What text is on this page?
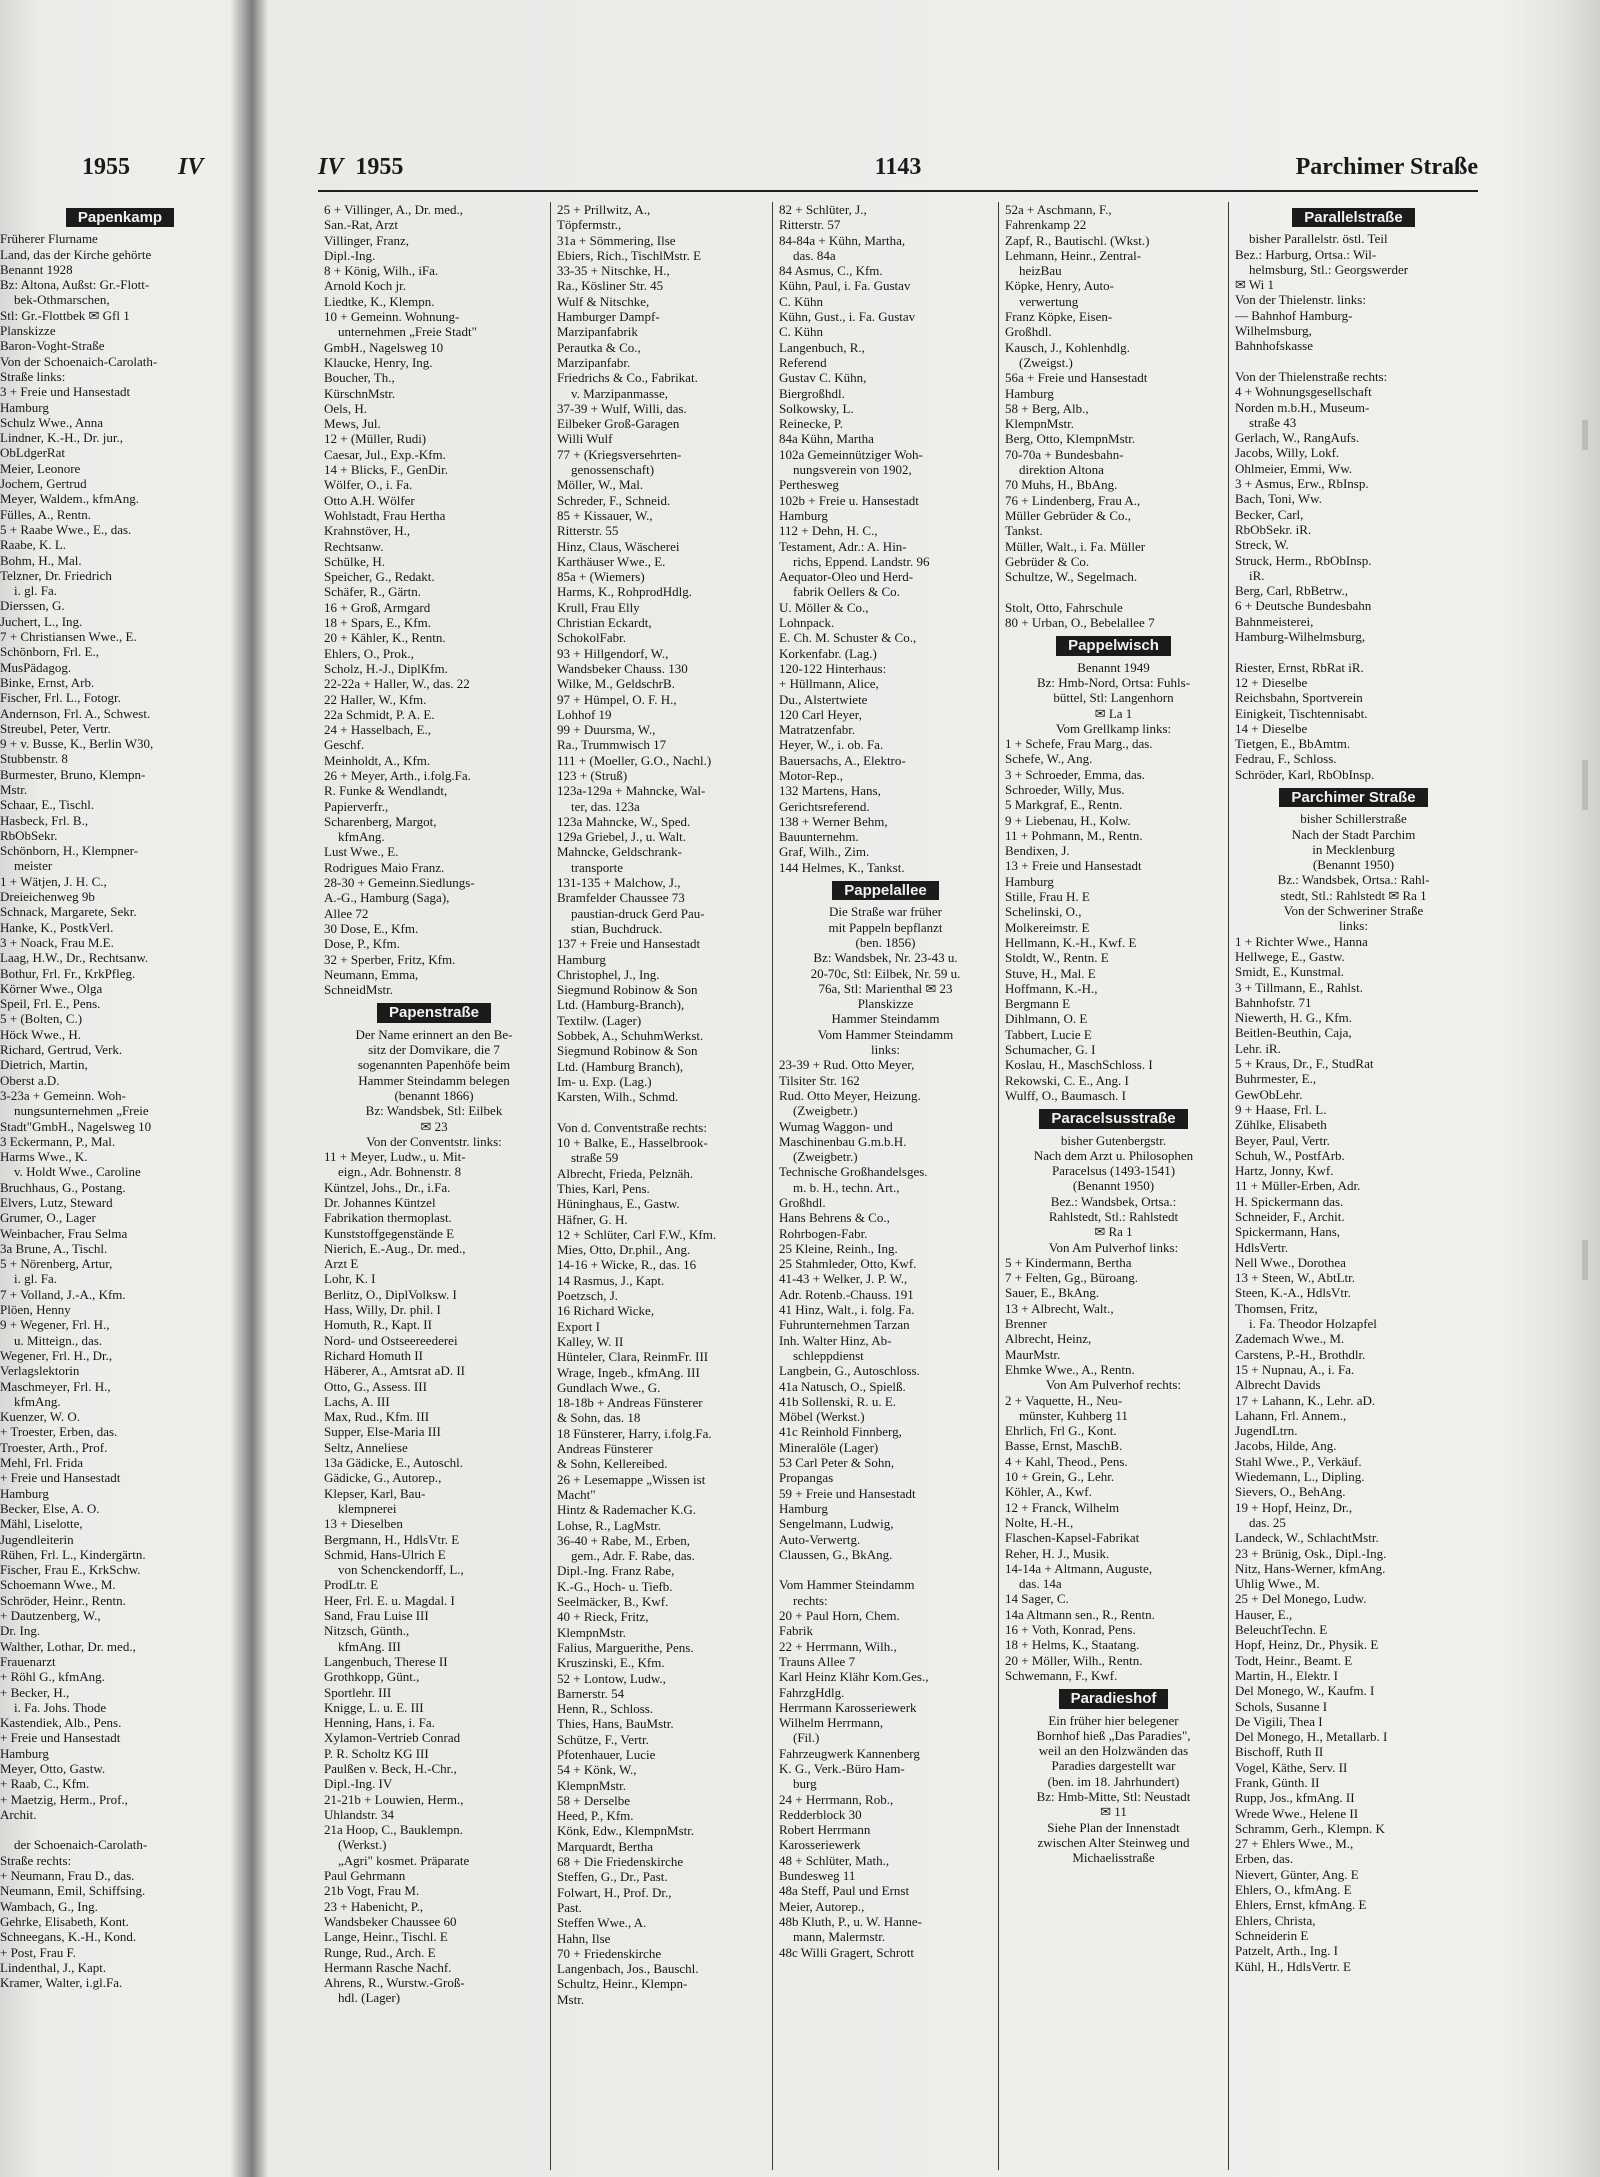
1955 IV
Papenkamp
Früherer Flurname
Land, das der Kirche gehörte
Benannt 1928
Bz: Altona, Außst: Gr.-Flott-
bek-Othmarschen,
Stl: Gr.-Flottbek ✉ Gfl 1
Planskizze
Baron-Voght-Straße
Von der Schoenaich-Carolath-
Straße links:
3 + Freie und Hansestadt
Hamburg
Schulz Wwe., Anna
Lindner, K.-H., Dr. jur.,
ObLdgerRat
Meier, Leonore
Jochem, Gertrud
Meyer, Waldem., kfmAng.
Fülles, A., Rentn.
5 + Raabe Wwe., E., das.
Raabe, K. L.
Bohm, H., Mal.
Telzner, Dr. Friedrich
i. gl. Fa.
Dierssen, G.
Juchert, L., Ing.
7 + Christiansen Wwe., E.
Schönborn, Frl. E.,
MusPädagog.
Binke, Ernst, Arb.
Fischer, Frl. L., Fotogr.
Andernson, Frl. A., Schwest.
Streubel, Peter, Vertr.
9 + v. Busse, K., Berlin W30,
Stubbenstr. 8
Burmester, Bruno, Klempn-
Mstr.
Schaar, E., Tischl.
Hasbeck, Frl. B.,
RbObSekr.
Schönborn, H., Klempner-
meister
1 + Wätjen, J. H. C.,
Dreieichenweg 9b
Schnack, Margarete, Sekr.
Hanke, K., PostkVerl.
3 + Noack, Frau M.E.
Laag, H.W., Dr., Rechtsanw.
Bothur, Frl. Fr., KrkPfleg.
Körner Wwe., Olga
Speil, Frl. E., Pens.
5 + (Bolten, C.)
Höck Wwe., H.
Richard, Gertrud, Verk.
Dietrich, Martin,
Oberst a.D.
3-23a + Gemeinn. Woh-
nungsunternehmen „Freie
Stadt"GmbH., Nagelsweg 10
3 Eckermann, P., Mal.
Harms Wwe., K.
v. Holdt Wwe., Caroline
Bruchhaus, G., Postang.
Elvers, Lutz, Steward
Grumer, O., Lager
Weinbacher, Frau Selma
3a Brune, A., Tischl.
5 + Nörenberg, Artur,
i. gl. Fa.
7 + Volland, J.-A., Kfm.
Plöen, Henny
9 + Wegener, Frl. H.,
u. Mitteign., das.
Wegener, Frl. H., Dr.,
Verlagslektorin
Maschmeyer, Frl. H.,
kfmAng.
Kuenzer, W. O.
+ Troester, Erben, das.
Troester, Arth., Prof.
Mehl, Frl. Frida
+ Freie und Hansestadt
Hamburg
Becker, Else, A. O.
Mähl, Liselotte,
Jugendleiterin
Rühen, Frl. L., Kindergärtn.
Fischer, Frau E., KrkSchw.
Schoemann Wwe., M.
Schröder, Heinr., Rentn.
+ Dautzenberg, W.,
Dr. Ing.
Walther, Lothar, Dr. med.,
Frauenarzt
+ Röhl G., kfmAng.
+ Becker, H.,
i. Fa. Johs. Thode
Kastendiek, Alb., Pens.
+ Freie und Hansestadt
Hamburg
Meyer, Otto, Gastw.
+ Raab, C., Kfm.
+ Maetzig, Herm., Prof.,
Archit.

der Schoenaich-Carolath-
Straße rechts:
+ Neumann, Frau D., das.
Neumann, Emil, Schiffsing.
Wambach, G., Ing.
Gehrke, Elisabeth, Kont.
Schneegans, K.-H., Kond.
+ Post, Frau F.
Lindenthal, J., Kapt.
Kramer, Walter, i.gl.Fa.
IV 1955	1143	Parchimer Straße
6 + Villinger, A., Dr. med.,
San.-Rat, Arzt
Villinger, Franz,
Dipl.-Ing.
8 + König, Wilh., iFa.
Arnold Koch jr.
Liedtke, K., Klempn.
10 + Gemeinn. Wohnung-
unternehmen „Freie Stadt"
GmbH., Nagelsweg 10
Klaucke, Henry, Ing.
Boucher, Th.,
KürschnMstr.
Oels, H.
Mews, Jul.
12 + (Müller, Rudi)
Caesar, Jul., Exp.-Kfm.
14 + Blicks, F., GenDir.
Wölfer, O., i. Fa.
Otto A.H. Wölfer
Wohlstadt, Frau Hertha
Krahnstöver, H.,
Rechtsanw.
Schülke, H.
Speicher, G., Redakt.
Schäfer, R., Gärtn.
16 + Groß, Armgard
18 + Spars, E., Kfm.
20 + Kähler, K., Rentn.
Ehlers, O., Prok.,
Scholz, H.-J., DiplKfm.
22-22a + Haller, W., das. 22
22 Haller, W., Kfm.
22a Schmidt, P. A. E.
24 + Hasselbach, E.,
Geschf.
Meinholdt, A., Kfm.
26 + Meyer, Arth., i.folg.Fa.
R. Funke & Wendlandt,
Papierverfr.,
Scharenberg, Margot,
kfmAng.
Lust Wwe., E.
Rodrigues Maio Franz.
28-30 + Gemeinn.Siedlungs-
A.-G., Hamburg (Saga),
Allee 72
30 Dose, E., Kfm.
Dose, P., Kfm.
32 + Sperber, Fritz, Kfm.
Neumann, Emma,
SchneidMstr.
Papenstraße
Der Name erinnert an den Be-
sitz der Domvikare, die 7
sogenannten Papenhöfe beim
Hammer Steindamm belegen
(benannt 1866)
Bz: Wandsbek, Stl: Eilbek
✉ 23
Von der Conventstr. links:
11 + Meyer, Ludw., u. Mit-
eign., Adr. Bohnenstr. 8
Küntzel, Johs., Dr., i.Fa.
Dr. Johannes Küntzel
Fabrikation thermoplast.
Kunststoffgegenstände E
Nierich, E.-Aug., Dr. med.,
Arzt E
Lohr, K. I
Berlitz, O., DiplVolksw. I
Hass, Willy, Dr. phil. I
Homuth, R., Kapt. II
Nord- und Ostseereederei
Richard Homuth II
Häberer, A., Amtsrat aD. II
Otto, G., Assess. III
Lachs, A. III
Max, Rud., Kfm. III
Supper, Else-Maria III
Seltz, Anneliese
13a Gädicke, E., Autoschl.
Gädicke, G., Autorep.,
Klepser, Karl, Bau-
klempnerei
13 + Dieselben
Bergmann, H., HdlsVtr. E
Schmid, Hans-Ulrich E
von Schenckendorff, L.,
ProdLtr. E
Heer, Frl. E. u. Magdal. I
Sand, Frau Luise III
Nitzsch, Günth.,
kfmAng. III
Langenbuch, Therese II
Grothkopp, Günt.,
Sportlehr. III
Knigge, L. u. E. III
Henning, Hans, i. Fa.
Xylamon-Vertrieb Conrad
P. R. Scholtz KG III
Paulßen v. Beck, H.-Chr.,
Dipl.-Ing. IV
21-21b + Louwien, Herm.,
Uhlandstr. 34
21a Hoop, C., Bauklempn.
(Werkst.)
„Agri" kosmet. Präparate
Paul Gehrmann
21b Vogt, Frau M.
23 + Habenicht, P.,
Wandsbeker Chaussee 60
Lange, Heinr., Tischl. E
Runge, Rud., Arch. E
Hermann Rasche Nachf.
Ahrens, R., Wurstw.-Groß-
hdl. (Lager)
25 + Prillwitz, A.,
Töpfermstr.,
31a + Sömmering, Ilse
Ebiers, Rich., TischlMstr. E
33-35 + Nitschke, H.,
Ra., Kösliner Str. 45
Wulf & Nitschke,
Hamburger Dampf-
Marzipanfabrik
Perautka & Co.,
Marzipanfabr.
Friedrichs & Co., Fabrikat.
v. Marzipanmasse,
37-39 + Wulf, Willi, das.
Eilbeker Groß-Garagen
Willi Wulf
77 + (Kriegsversehrten-
genossenschaft)
Möller, W., Mal.
Schreder, F., Schneid.
85 + Kissauer, W.,
Ritterstr. 55
Hinz, Claus, Wäscherei
Karthäuser Wwe., E.
85a + (Wiemers)
Harms, K., RohprodHdlg.
Krull, Frau Elly
Christian Eckardt,
SchokolFabr.
93 + Hillgendorf, W.,
Wandsbeker Chauss. 130
Wilke, M., GeldschrB.
97 + Hümpel, O. F. H.,
Lohhof 19
99 + Duursma, W.,
Ra., Trummwisch 17
111 + (Moeller, G.O., Nachl.)
123 + (Struß)
123a-129a + Mahncke, Wal-
ter, das. 123a
123a Mahncke, W., Sped.
129a Griebel, J., u. Walt.
Mahncke, Geldschrank-
transporte
131-135 + Malchow, J.,
Bramfelder Chaussee 73
paustian-druck Gerd Pau-
stian, Buchdruck.
137 + Freie und Hansestadt
Hamburg
Christophel, J., Ing.
Siegmund Robinow & Son
Ltd. (Hamburg-Branch),
Textilw. (Lager)
Sobbek, A., SchuhmWerkst.
Siegmund Robinow & Son
Ltd. (Hamburg Branch),
Im- u. Exp. (Lag.)
Karsten, Wilh., Schmd.

Von d. Conventstraße rechts:
10 + Balke, E., Hasselbrook-
straße 59
Albrecht, Frieda, Pelznäh.
Thies, Karl, Pens.
Hüninghaus, E., Gastw.
Häfner, G. H.
12 + Schlüter, Carl F.W., Kfm.
Mies, Otto, Dr.phil., Ang.
14-16 + Wicke, R., das. 16
14 Rasmus, J., Kapt.
Poetzsch, J.
16 Richard Wicke,
Export I
Kalley, W. II
Hünteler, Clara, ReinmFr. III
Wrage, Ingeb., kfmAng. III
Gundlach Wwe., G.
18-18b + Andreas Fünsterer
& Sohn, das. 18
18 Fünsterer, Harry, i.folg.Fa.
Andreas Fünsterer
& Sohn, Kellereibed.
26 + Lesemappe „Wissen ist
Macht"
Hintz & Rademacher K.G.
Lohse, R., LagMstr.
36-40 + Rabe, M., Erben,
gem., Adr. F. Rabe, das.
Dipl.-Ing. Franz Rabe,
K.-G., Hoch- u. Tiefb.
Seelmäcker, B., Kwf.
40 + Rieck, Fritz,
KlempnMstr.
Falius, Marguerithe, Pens.
Kruszinski, E., Kfm.
52 + Lontow, Ludw.,
Barnerstr. 54
Henn, R., Schloss.
Thies, Hans, BauMstr.
Schütze, F., Vertr.
Pfotenhauer, Lucie
54 + Könk, W.,
KlempnMstr.
58 + Derselbe
Heed, P., Kfm.
Könk, Edw., KlempnMstr.
Marquardt, Bertha
68 + Die Friedenskirche
Steffen, G., Dr., Past.
Folwart, H., Prof. Dr.,
Past.
Steffen Wwe., A.
Hahn, Ilse
70 + Friedenskirche
Langenbach, Jos., Bauschl.
Schultz, Heinr., Klempn-
Mstr.
82 + Schlüter, J.,
Ritterstr. 57
84-84a + Kühn, Martha,
das. 84a
84 Asmus, C., Kfm.
Kühn, Paul, i. Fa. Gustav
C. Kühn
Kühn, Gust., i. Fa. Gustav
C. Kühn
Langenbuch, R.,
Referend
Gustav C. Kühn,
Biergroßhdl.
Solkowsky, L.
Reinecke, P.
84a Kühn, Martha
102a Gemeinnütziger Woh-
nungsverein von 1902,
Perthesweg
102b + Freie u. Hansestadt
Hamburg
112 + Dehn, H. C.,
Testament, Adr.: A. Hin-
richs, Eppend. Landstr. 96
Aequator-Oleo und Herd-
fabrik Oellers & Co.
U. Möller & Co.,
Lohnpack.
E. Ch. M. Schuster & Co.,
Korkenfabr. (Lag.)
120-122 Hinterhaus:
+ Hüllmann, Alice,
Du., Alstertwiete
120 Carl Heyer,
Matratzenfabr.
Heyer, W., i. ob. Fa.
Bauersachs, A., Elektro-
Motor-Rep.,
132 Martens, Hans,
Gerichtsreferend.
138 + Werner Behm,
Bauunternehm.
Graf, Wilh., Zim.
144 Helmes, K., Tankst.
Pappelallee
Die Straße war früher
mit Pappeln bepflanzt
(ben. 1856)
Bz: Wandsbek, Nr. 23-43 u.
20-70c, Stl: Eilbek, Nr. 59 u.
76a, Stl: Marienthal ✉ 23
Planskizze
Hammer Steindamm
Vom Hammer Steindamm
links:
23-39 + Rud. Otto Meyer,
Tilsiter Str. 162
Rud. Otto Meyer, Heizung.
(Zweigbetr.)
Wumag Waggon- und
Maschinenbau G.m.b.H.
(Zweigbetr.)
Technische Großhandelsges.
m. b. H., techn. Art.,
Großhdl.
Hans Behrens & Co.,
Rohrbogen-Fabr.
25 Kleine, Reinh., Ing.
25 Stahmleder, Otto, Kwf.
41-43 + Welker, J. P. W.,
Adr. Rotenb.-Chauss. 191
41 Hinz, Walt., i. folg. Fa.
Fuhrunternehmen Tarzan
Inh. Walter Hinz, Ab-
schleppdienst
Langbein, G., Autoschloss.
41a Natusch, O., Spielß.
41b Sollenski, R. u. E.
Möbel (Werkst.)
41c Reinhold Finnberg,
Mineralöle (Lager)
53 Carl Peter & Sohn,
Propangas
59 + Freie und Hansestadt
Hamburg
Sengelmann, Ludwig,
Auto-Verwertg.
Claussen, G., BkAng.

Vom Hammer Steindamm
rechts:
20 + Paul Horn, Chem.
Fabrik
22 + Herrmann, Wilh.,
Trauns Allee 7
Karl Heinz Klähr Kom.Ges.,
FahrzgHdlg.
Herrmann Karosseriewerk
Wilhelm Herrmann,
(Fil.)
Fahrzeugwerk Kannenberg
K. G., Verk.-Büro Ham-
burg
24 + Herrmann, Rob.,
Redderblock 30
Robert Herrmann
Karosseriewerk
48 + Schlüter, Math.,
Bundesweg 11
48a Steff, Paul und Ernst
Meier, Autorep.,
48b Kluth, P., u. W. Hanne-
mann, Malermstr.
48c Willi Gragert, Schrott
52a + Aschmann, F.,
Fahrenkamp 22
Zapf, R., Bautischl. (Wkst.)
Lehmann, Heinr., Zentral-
heizBau
Köpke, Henry, Auto-
verwertung
Franz Köpke, Eisen-
Großhdl.
Kausch, J., Kohlenhdlg.
(Zweigst.)
56a + Freie und Hansestadt
Hamburg
58 + Berg, Alb.,
KlempnMstr.
Berg, Otto, KlempnMstr.
70-70a + Bundesbahn-
direktion Altona
70 Muhs, H., BbAng.
76 + Lindenberg, Frau A.,
Müller Gebrüder & Co.,
Tankst.
Müller, Walt., i. Fa. Müller
Gebrüder & Co.
Schultze, W., Segelmach.

Stolt, Otto, Fahrschule
80 + Urban, O., Bebelallee 7
Pappelwisch
Benannt 1949
Bz: Hmb-Nord, Ortsa: Fuhls-
büttel, Stl: Langenhorn
✉ La 1
Vom Grellkamp links:
1 + Schefe, Frau Marg., das.
Schefe, W., Ang.
3 + Schroeder, Emma, das.
Schroeder, Willy, Mus.
5 Markgraf, E., Rentn.
9 + Liebenau, H., Kolw.
11 + Pohmann, M., Rentn.
Bendixen, J.
13 + Freie und Hansestadt
Hamburg
Stille, Frau H. E
Schelinski, O.,
Molkereimstr. E
Hellmann, K.-H., Kwf. E
Stoldt, W., Rentn. E
Stuve, H., Mal. E
Hoffmann, K.-H.,
Bergmann E
Dihlmann, O. E
Tabbert, Lucie E
Schumacher, G. I
Koslau, H., MaschSchloss. I
Rekowski, C. E., Ang. I
Wulff, O., Baumasch. I
Paracelsusstraße
bisher Gutenbergstr.
Nach dem Arzt u. Philosophen
Paracelsus (1493-1541)
(Benannt 1950)
Bez.: Wandsbek, Ortsa.:
Rahlstedt, Stl.: Rahlstedt
✉ Ra 1
Von Am Pulverhof links:
5 + Kindermann, Bertha
7 + Felten, Gg., Büroang.
Sauer, E., BkAng.
13 + Albrecht, Walt.,
Brenner
Albrecht, Heinz,
MaurMstr.
Ehmke Wwe., A., Rentn.
Von Am Pulverhof rechts:
2 + Vaquette, H., Neu-
münster, Kuhberg 11
Ehrlich, Frl G., Kont.
Basse, Ernst, MaschB.
4 + Kahl, Theod., Pens.
10 + Grein, G., Lehr.
Köhler, A., Kwf.
12 + Franck, Wilhelm
Nolte, H.-H.,
Flaschen-Kapsel-Fabrikat
Reher, H. J., Musik.
14-14a + Altmann, Auguste,
das. 14a
14 Sager, C.
14a Altmann sen., R., Rentn.
16 + Voth, Konrad, Pens.
18 + Helms, K., Staatang.
20 + Möller, Wilh., Rentn.
Schwemann, F., Kwf.
Paradieshof
Ein früher hier belegener
Bornhof hieß „Das Paradies",
weil an den Holzwänden das
Paradies dargestellt war
(ben. im 18. Jahrhundert)
Bz: Hmb-Mitte, Stl: Neustadt
✉ 11
Siehe Plan der Innenstadt
zwischen Alter Steinweg und
Michaelisstraße
Parallelstraße
bisher Parallelstr. östl. Teil
Bez.: Harburg, Ortsa.: Wil-
helmsburg, Stl.: Georgswerder
✉ Wi 1
Von der Thielenstr. links:
— Bahnhof Hamburg-
Wilhelmsburg,
Bahnhofskasse

Von der Thielenstraße rechts:
4 + Wohnungsgesellschaft
Norden m.b.H., Museum-
straße 43
Gerlach, W., RangAufs.
Jacobs, Willy, Lokf.
Ohlmeier, Emmi, Ww.
3 + Asmus, Erw., RbInsp.
Bach, Toni, Ww.
Becker, Carl,
RbObSekr. iR.
Streck, W.
Struck, Herm., RbObInsp.
iR.
Berg, Carl, RbBetrw.,
6 + Deutsche Bundesbahn
Bahnmeisterei,
Hamburg-Wilhelmsburg,

Riester, Ernst, RbRat iR.
12 + Dieselbe
Reichsbahn, Sportverein
Einigkeit, Tischtennisabt.
14 + Dieselbe
Tietgen, E., BbAmtm.
Fedrau, F., Schloss.
Schröder, Karl, RbObInsp.
Parchimer Straße
bisher Schillerstraße
Nach der Stadt Parchim
in Mecklenburg
(Benannt 1950)
Bz.: Wandsbek, Ortsa.: Rahl-
stedt, Stl.: Rahlstedt ✉ Ra 1
Von der Schweriner Straße
links:
1 + Richter Wwe., Hanna
Hellwege, E., Gastw.
Smidt, E., Kunstmal.
3 + Tillmann, E., Rahlst.
Bahnhofstr. 71
Niewerth, H. G., Kfm.
Beitlen-Beuthin, Caja,
Lehr. iR.
5 + Kraus, Dr., F., StudRat
Buhrmester, E.,
GewObLehr.
9 + Haase, Frl. L.
Zühlke, Elisabeth
Beyer, Paul, Vertr.
Schuh, W., PostfArb.
Hartz, Jonny, Kwf.
11 + Müller-Erben, Adr.
H. Spickermann das.
Schneider, F., Archit.
Spickermann, Hans,
HdlsVertr.
Nell Wwe., Dorothea
13 + Steen, W., AbtLtr.
Steen, K.-A., HdlsVtr.
Thomsen, Fritz,
i. Fa. Theodor Holzapfel
Zademach Wwe., M.
Carstens, P.-H., Brothdlr.
15 + Nupnau, A., i. Fa.
Albrecht Davids
17 + Lahann, K., Lehr. aD.
Lahann, Frl. Annem.,
JugendLtrn.
Jacobs, Hilde, Ang.
Stahl Wwe., P., Verkäuf.
Wiedemann, L., Dipling.
Sievers, O., BehAng.
19 + Hopf, Heinz, Dr.,
das. 25
Landeck, W., SchlachtMstr.
23 + Brünig, Osk., Dipl.-Ing.
Nitz, Hans-Werner, kfmAng.
Uhlig Wwe., M.
25 + Del Monego, Ludw.
Hauser, E.,
BeleuchtTechn. E
Hopf, Heinz, Dr., Physik. E
Todt, Heinr., Beamt. E
Martin, H., Elektr. I
Del Monego, W., Kaufm. I
Schols, Susanne I
De Vigili, Thea I
Del Monego, H., Metallarb. I
Bischoff, Ruth II
Vogel, Käthe, Serv. II
Frank, Günth. II
Rupp, Jos., kfmAng. II
Wrede Wwe., Helene II
Schramm, Gerh., Klempn. K
27 + Ehlers Wwe., M.,
Erben, das.
Nievert, Günter, Ang. E
Ehlers, O., kfmAng. E
Ehlers, Ernst, kfmAng. E
Ehlers, Christa,
Schneiderin E
Patzelt, Arth., Ing. I
Kühl, H., HdlsVertr. E
